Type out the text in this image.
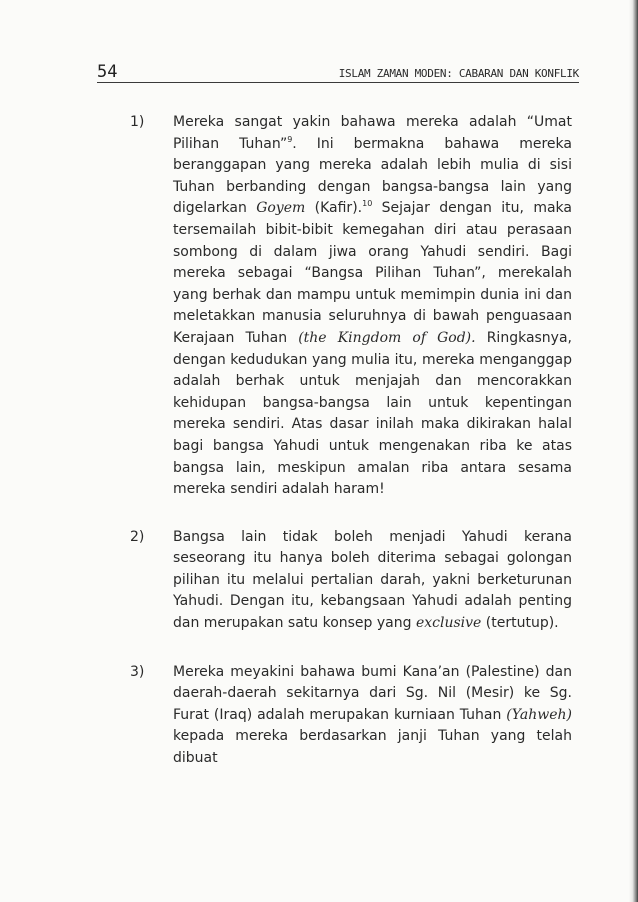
54	ISLAM ZAMAN MODEN: CABARAN DAN KONFLIK
1) Mereka sangat yakin bahawa mereka adalah “Umat Pilihan Tuhan”$^9$. Ini bermakna bahawa mereka beranggapan yang mereka adalah lebih mulia di sisi Tuhan berbanding dengan bangsa-bangsa lain yang digelarkan Goyem (Kafir).$^{10}$ Sejajar dengan itu, maka tersemailah bibit-bibit kemegahan diri atau perasaan sombong di dalam jiwa orang Yahudi sendiri. Bagi mereka sebagai “Bangsa Pilihan Tuhan”, merekalah yang berhak dan mampu untuk memimpin dunia ini dan meletakkan manusia seluruhnya di bawah penguasaan Kerajaan Tuhan (the Kingdom of God). Ringkasnya, dengan kedudukan yang mulia itu, mereka menganggap adalah berhak untuk menjajah dan mencorakkan kehidupan bangsa-bangsa lain untuk kepentingan mereka sendiri. Atas dasar inilah maka dikirakan halal bagi bangsa Yahudi untuk mengenakan riba ke atas bangsa lain, meskipun amalan riba antara sesama mereka sendiri adalah haram!

2) Bangsa lain tidak boleh menjadi Yahudi kerana seseorang itu hanya boleh diterima sebagai golongan pilihan itu melalui pertalian darah, yakni berketurunan Yahudi. Dengan itu, kebangsaan Yahudi adalah penting dan merupakan satu konsep yang exclusive (tertutup).

3) Mereka meyakini bahawa bumi Kana’an (Palestine) dan daerah-daerah sekitarnya dari Sg. Nil (Mesir) ke Sg. Furat (Iraq) adalah merupakan kurniaan Tuhan (Yahweh) kepada mereka berdasarkan janji Tuhan yang telah dibuat
